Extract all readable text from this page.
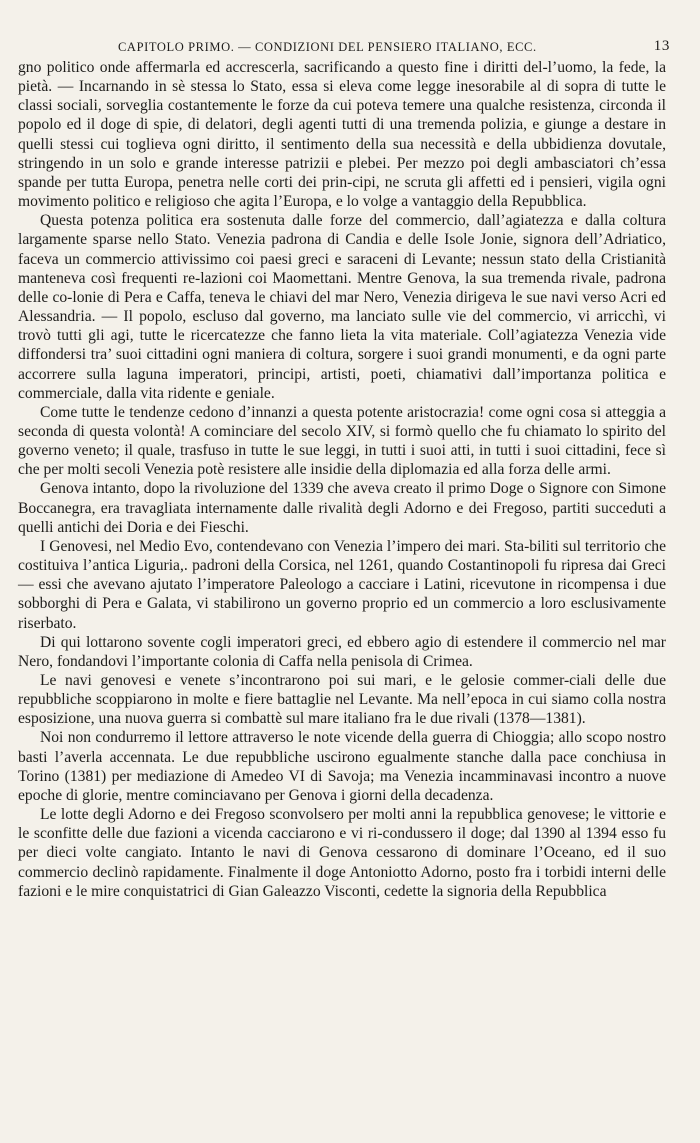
CAPITOLO PRIMO. — CONDIZIONI DEL PENSIERO ITALIANO, ECC.	13

gno politico onde affermarla ed accrescerla, sacrificando a questo fine i diritti del-l’uomo, la fede, la pietà. — Incarnando in sè stessa lo Stato, essa si eleva come legge inesorabile al di sopra di tutte le classi sociali, sorveglia costantemente le forze da cui poteva temere una qualche resistenza, circonda il popolo ed il doge di spie, di delatori, degli agenti tutti di una tremenda polizia, e giunge a destare in quelli stessi cui toglieva ogni diritto, il sentimento della sua necessità e della ubbidienza dovutale, stringendo in un solo e grande interesse patrizii e plebei. Per mezzo poi degli ambasciatori ch’essa spande per tutta Europa, penetra nelle corti dei prin-cipi, ne scruta gli affetti ed i pensieri, vigila ogni movimento politico e religioso che agita l’Europa, e lo volge a vantaggio della Repubblica.

Questa potenza politica era sostenuta dalle forze del commercio, dall’agiatezza e dalla coltura largamente sparse nello Stato. Venezia padrona di Candia e delle Isole Jonie, signora dell’Adriatico, faceva un commercio attivissimo coi paesi greci e saraceni di Levante; nessun stato della Cristianità manteneva così frequenti re-lazioni coi Maomettani. Mentre Genova, la sua tremenda rivale, padrona delle co-lonie di Pera e Caffa, teneva le chiavi del mar Nero, Venezia dirigeva le sue navi verso Acri ed Alessandria. — Il popolo, escluso dal governo, ma lanciato sulle vie del commercio, vi arricchì, vi trovò tutti gli agi, tutte le ricercatezze che fanno lieta la vita materiale. Coll’agiatezza Venezia vide diffondersi tra’ suoi cittadini ogni maniera di coltura, sorgere i suoi grandi monumenti, e da ogni parte accorrere sulla laguna imperatori, principi, artisti, poeti, chiamativi dall’importanza politica e commerciale, dalla vita ridente e geniale.

Come tutte le tendenze cedono d’innanzi a questa potente aristocrazia! come ogni cosa si atteggia a seconda di questa volontà! A cominciare del secolo XIV, si formò quello che fu chiamato lo spirito del governo veneto; il quale, trasfuso in tutte le sue leggi, in tutti i suoi atti, in tutti i suoi cittadini, fece sì che per molti secoli Venezia potè resistere alle insidie della diplomazia ed alla forza delle armi.

Genova intanto, dopo la rivoluzione del 1339 che aveva creato il primo Doge o Signore con Simone Boccanegra, era travagliata internamente dalle rivalità degli Adorno e dei Fregoso, partiti succeduti a quelli antichi dei Doria e dei Fieschi.

I Genovesi, nel Medio Evo, contendevano con Venezia l’impero dei mari. Sta-biliti sul territorio che costituiva l’antica Liguria,. padroni della Corsica, nel 1261, quando Costantinopoli fu ripresa dai Greci — essi che avevano ajutato l’imperatore Paleologo a cacciare i Latini, ricevutone in ricompensa i due sobborghi di Pera e Galata, vi stabilirono un governo proprio ed un commercio a loro esclusivamente riserbato.

Di qui lottarono sovente cogli imperatori greci, ed ebbero agio di estendere il commercio nel mar Nero, fondandovi l’importante colonia di Caffa nella penisola di Crimea.

Le navi genovesi e venete s’incontrarono poi sui mari, e le gelosie commer-ciali delle due repubbliche scoppiarono in molte e fiere battaglie nel Levante. Ma nell’epoca in cui siamo colla nostra esposizione, una nuova guerra si combattè sul mare italiano fra le due rivali (1378—1381).

Noi non condurremo il lettore attraverso le note vicende della guerra di Chioggia; allo scopo nostro basti l’averla accennata. Le due repubbliche uscirono egualmente stanche dalla pace conchiusa in Torino (1381) per mediazione di Amedeo VI di Savoja; ma Venezia incamminavasi incontro a nuove epoche di glorie, mentre cominciavano per Genova i giorni della decadenza.

Le lotte degli Adorno e dei Fregoso sconvolsero per molti anni la repubblica genovese; le vittorie e le sconfitte delle due fazioni a vicenda cacciarono e vi ri-condussero il doge; dal 1390 al 1394 esso fu per dieci volte cangiato. Intanto le navi di Genova cessarono di dominare l’Oceano, ed il suo commercio declinò rapidamente. Finalmente il doge Antoniotto Adorno, posto fra i torbidi interni delle fazioni e le mire conquistatrici di Gian Galeazzo Visconti, cedette la signoria della Repubblica
